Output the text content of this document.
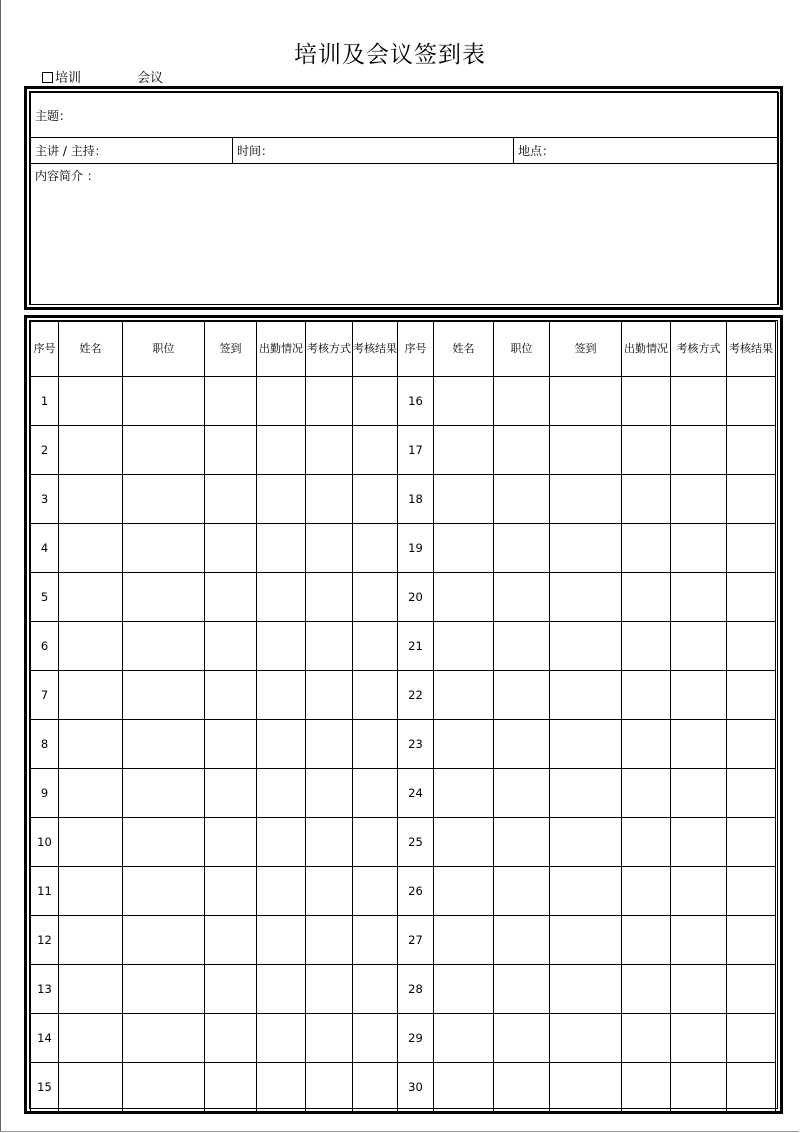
培训及会议签到表
培训	会议
主题：
主讲 / 主持：	时间：	地点：
内容简介 ：
序号	姓名	职位	签到	出勤情况	考核方式	考核结果	序号	姓名	职位	签到	出勤情况	考核方式	考核结果
1							16						
2							17						
3							18						
4							19						
5							20						
6							21						
7							22						
8							23						
9							24						
10							25						
11							26						
12							27						
13							28						
14							29						
15							30						
